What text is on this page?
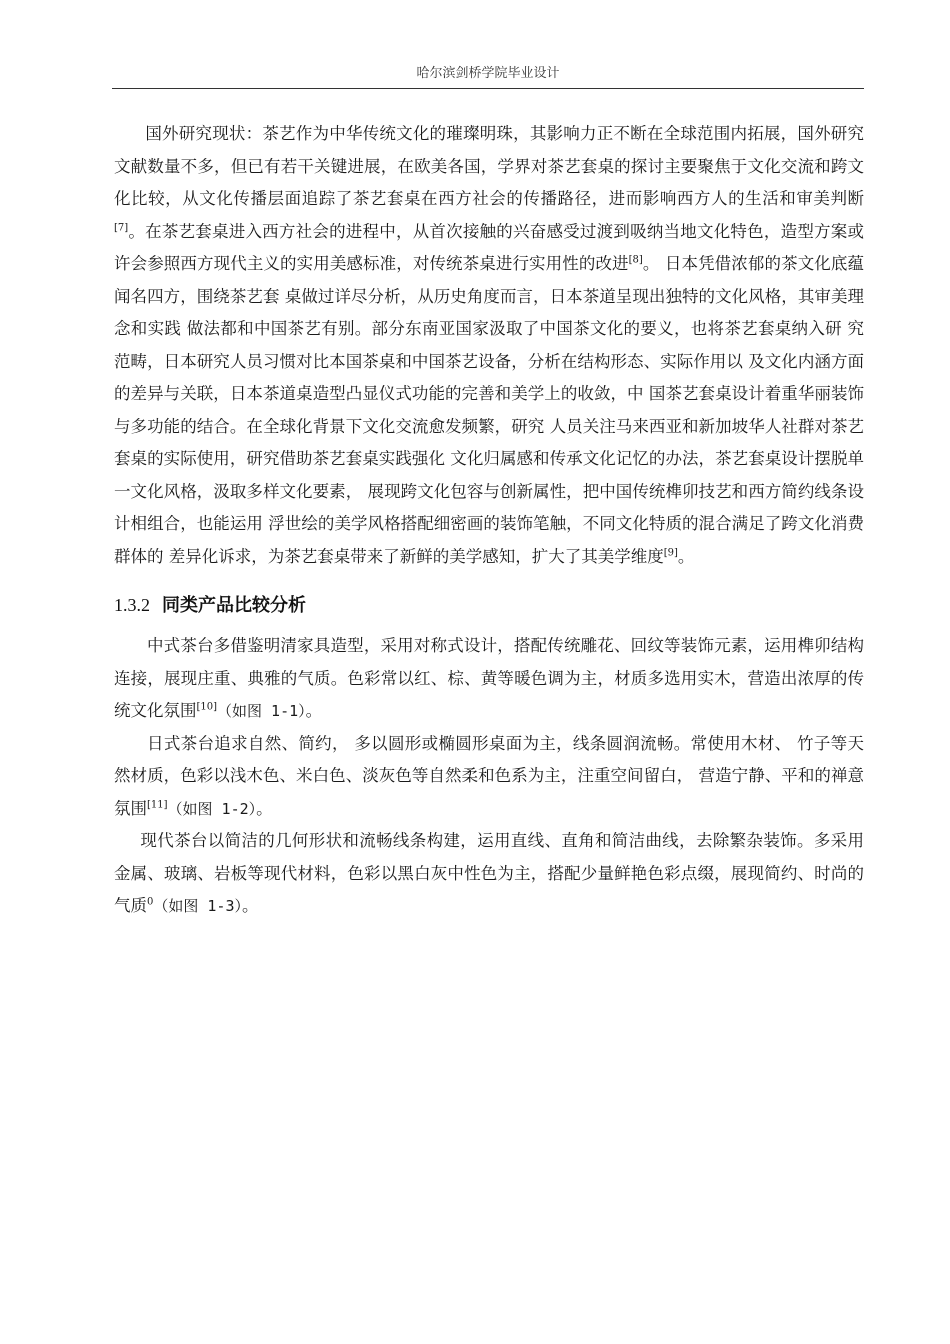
哈尔滨剑桥学院毕业设计

国外研究现状：茶艺作为中华传统文化的璀璨明珠，其影响力正不断在全球范围内拓展，国外研究文献数量不多，但已有若干关键进展，在欧美各国，学界对茶艺套桌的探讨主要聚焦于文化交流和跨文化比较，从文化传播层面追踪了茶艺套桌在西方社会的传播路径，进而影响西方人的生活和审美判断[7]。在茶艺套桌进入西方社会的进程中，从首次接触的兴奋感受过渡到吸纳当地文化特色，造型方案或许会参照西方现代主义的实用美感标准，对传统茶桌进行实用性的改进[8]。 日本凭借浓郁的茶文化底蕴闻名四方，围绕茶艺套 桌做过详尽分析，从历史角度而言，日本茶道呈现出独特的文化风格，其审美理念和实践 做法都和中国茶艺有别。部分东南亚国家汲取了中国茶文化的要义，也将茶艺套桌纳入研 究范畴，日本研究人员习惯对比本国茶桌和中国茶艺设备，分析在结构形态、实际作用以 及文化内涵方面的差异与关联，日本茶道桌造型凸显仪式功能的完善和美学上的收敛，中 国茶艺套桌设计着重华丽装饰与多功能的结合。在全球化背景下文化交流愈发频繁，研究 人员关注马来西亚和新加坡华人社群对茶艺套桌的实际使用，研究借助茶艺套桌实践强化 文化归属感和传承文化记忆的办法，茶艺套桌设计摆脱单一文化风格，汲取多样文化要素， 展现跨文化包容与创新属性，把中国传统榫卯技艺和西方简约线条设计相组合，也能运用 浮世绘的美学风格搭配细密画的装饰笔触，不同文化特质的混合满足了跨文化消费群体的 差异化诉求，为茶艺套桌带来了新鲜的美学感知，扩大了其美学维度[9]。

1.3.2 同类产品比较分析

中式茶台多借鉴明清家具造型，采用对称式设计，搭配传统雕花、回纹等装饰元素，运用榫卯结构连接，展现庄重、典雅的气质。色彩常以红、棕、黄等暖色调为主，材质多选用实木，营造出浓厚的传统文化氛围[10]（如图 1-1）。

日式茶台追求自然、简约， 多以圆形或椭圆形桌面为主，线条圆润流畅。常使用木材、 竹子等天然材质，色彩以浅木色、米白色、淡灰色等自然柔和色系为主，注重空间留白， 营造宁静、平和的禅意氛围[11]（如图 1-2）。

现代茶台以简洁的几何形状和流畅线条构建，运用直线、直角和简洁曲线，去除繁杂装饰。多采用金属、玻璃、岩板等现代材料，色彩以黑白灰中性色为主，搭配少量鲜艳色彩点缀，展现简约、时尚的气质$^0$（如图 1-3）。
